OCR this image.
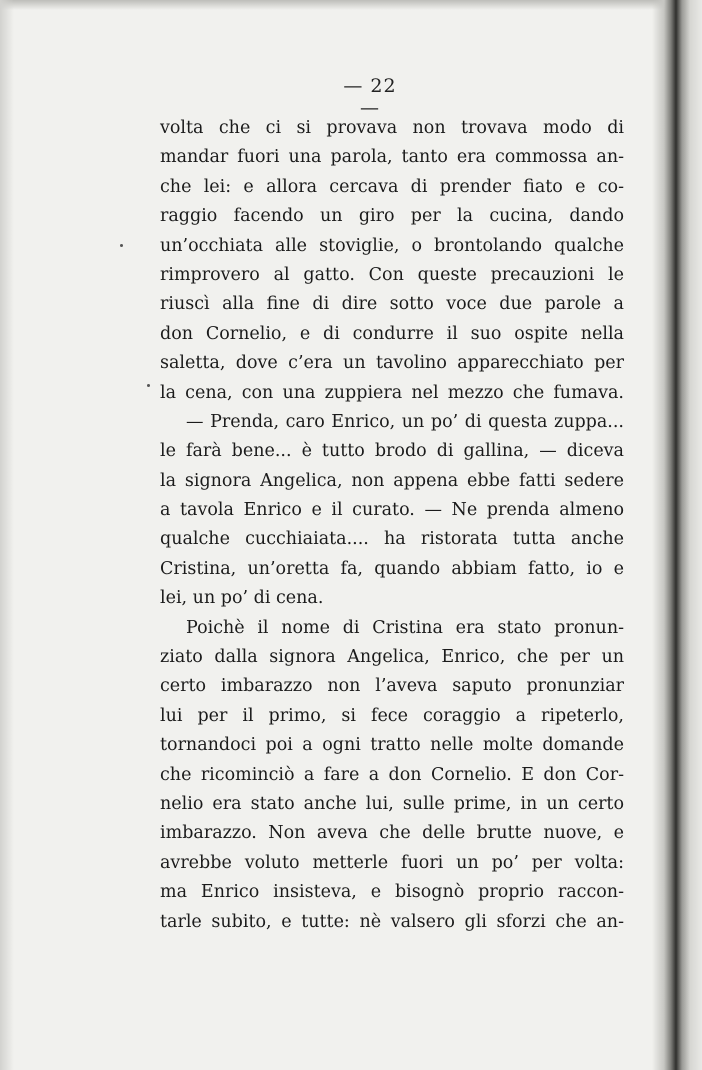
— 22 —
volta che ci si provava non trovava modo di
mandar fuori una parola, tanto era commossa an-
che lei: e allora cercava di prender fiato e co-
raggio facendo un giro per la cucina, dando
un’occhiata alle stoviglie, o brontolando qualche
rimprovero al gatto. Con queste precauzioni le
riuscì alla fine di dire sotto voce due parole a
don Cornelio, e di condurre il suo ospite nella
saletta, dove c’era un tavolino apparecchiato per
la cena, con una zuppiera nel mezzo che fumava.
— Prenda, caro Enrico, un po’ di questa zuppa...
le farà bene... è tutto brodo di gallina, — diceva
la signora Angelica, non appena ebbe fatti sedere
a tavola Enrico e il curato. — Ne prenda almeno
qualche cucchiaiata.... ha ristorata tutta anche
Cristina, un’oretta fa, quando abbiam fatto, io e
lei, un po’ di cena.
Poichè il nome di Cristina era stato pronun-
ziato dalla signora Angelica, Enrico, che per un
certo imbarazzo non l’aveva saputo pronunziar
lui per il primo, si fece coraggio a ripeterlo,
tornandoci poi a ogni tratto nelle molte domande
che ricominciò a fare a don Cornelio. E don Cor-
nelio era stato anche lui, sulle prime, in un certo
imbarazzo. Non aveva che delle brutte nuove, e
avrebbe voluto metterle fuori un po’ per volta:
ma Enrico insisteva, e bisognò proprio raccon-
tarle subito, e tutte: nè valsero gli sforzi che an-
